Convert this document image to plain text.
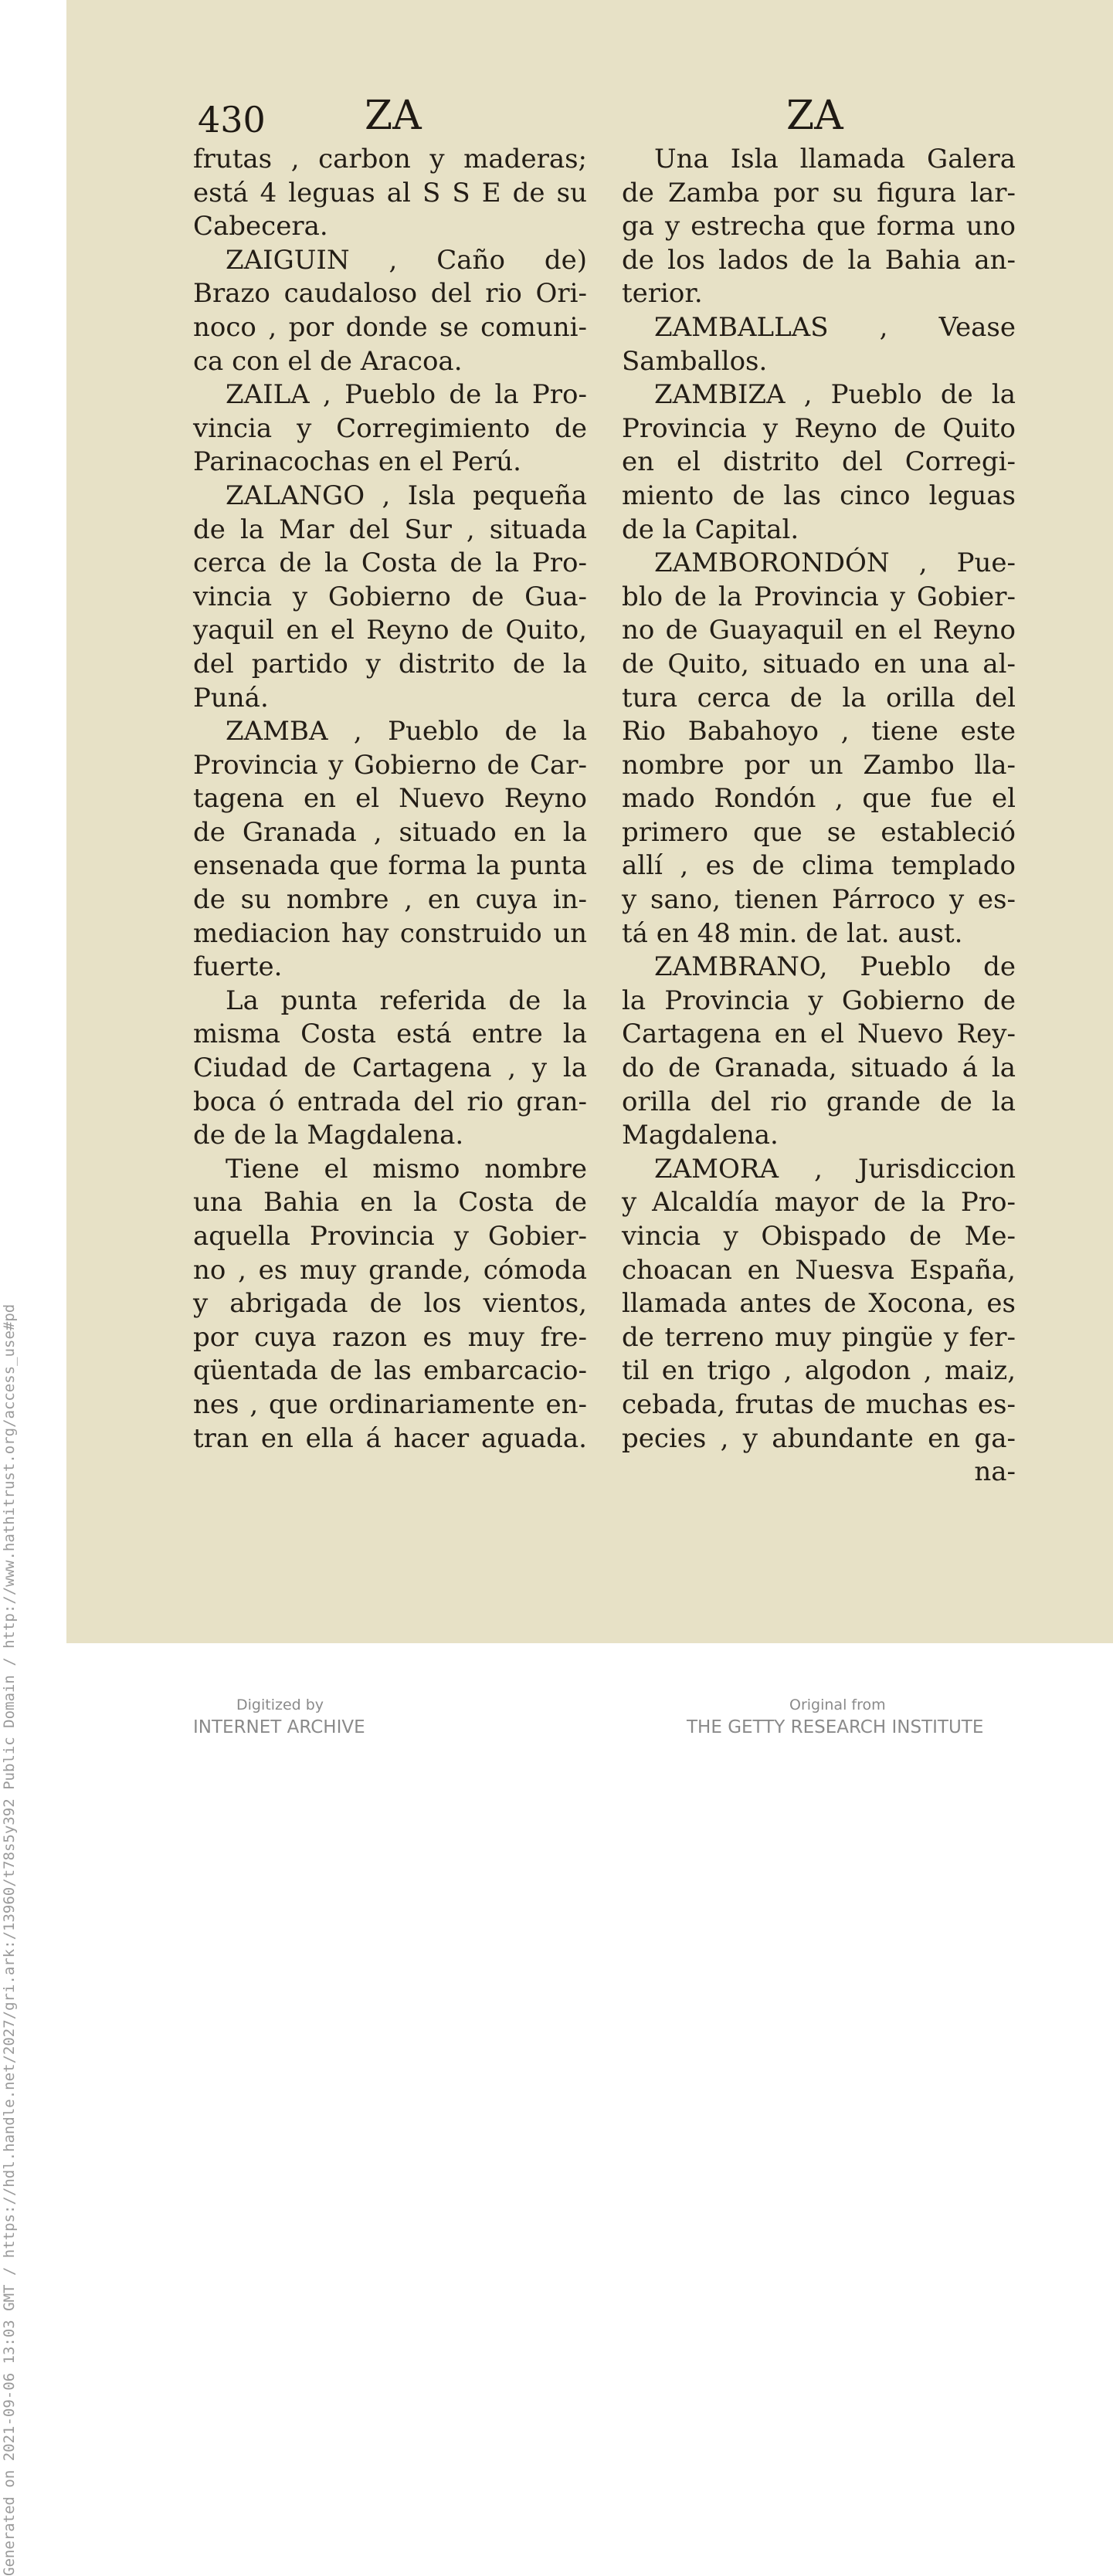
Generated on 2021-09-06 13:03 GMT / https://hdl.handle.net/2027/gri.ark:/13960/t78s5y392 Public Domain / http://www.hathitrust.org/access_use#pd
430 ZA	ZA
frutas , carbon y maderas;
está 4 leguas al S S E de su
Cabecera.
ZAIGUIN , Caño de)
Brazo caudaloso del rio Ori-
noco , por donde se comuni-
ca con el de Aracoa.
ZAILA , Pueblo de la Pro-
vincia y Corregimiento de
Parinacochas en el Perú.
ZALANGO , Isla pequeña
de la Mar del Sur , situada
cerca de la Costa de la Pro-
vincia y Gobierno de Gua-
yaquil en el Reyno de Quito,
del partido y distrito de la
Puná.
ZAMBA , Pueblo de la
Provincia y Gobierno de Car-
tagena en el Nuevo Reyno
de Granada , situado en la
ensenada que forma la punta
de su nombre , en cuya in-
mediacion hay construido un
fuerte.
La punta referida de la
misma Costa está entre la
Ciudad de Cartagena , y la
boca ó entrada del rio gran-
de de la Magdalena.
Tiene el mismo nombre
una Bahia en la Costa de
aquella Provincia y Gobier-
no , es muy grande, cómoda
y abrigada de los vientos,
por cuya razon es muy fre-
qüentada de las embarcacio-
nes , que ordinariamente en-
tran en ella á hacer aguada.
Una Isla llamada Galera
de Zamba por su figura lar-
ga y estrecha que forma uno
de los lados de la Bahia an-
terior.
ZAMBALLAS , Vease
Samballos.
ZAMBIZA , Pueblo de la
Provincia y Reyno de Quito
en el distrito del Corregi-
miento de las cinco leguas
de la Capital.
ZAMBORONDÓN , Pue-
blo de la Provincia y Gobier-
no de Guayaquil en el Reyno
de Quito, situado en una al-
tura cerca de la orilla del
Rio Babahoyo , tiene este
nombre por un Zambo lla-
mado Rondón , que fue el
primero que se estableció
allí , es de clima templado
y sano, tienen Párroco y es-
tá en 48 min. de lat. aust.
ZAMBRANO, Pueblo de
la Provincia y Gobierno de
Cartagena en el Nuevo Rey-
do de Granada, situado á la
orilla del rio grande de la
Magdalena.
ZAMORA , Jurisdiccion
y Alcaldía mayor de la Pro-
vincia y Obispado de Me-
choacan en Nuesva España,
llamada antes de Xocona, es
de terreno muy pingüe y fer-
til en trigo , algodon , maiz,
cebada, frutas de muchas es-
pecies , y abundante en ga-
na-
Digitized by
INTERNET ARCHIVE
Original from
THE GETTY RESEARCH INSTITUTE
